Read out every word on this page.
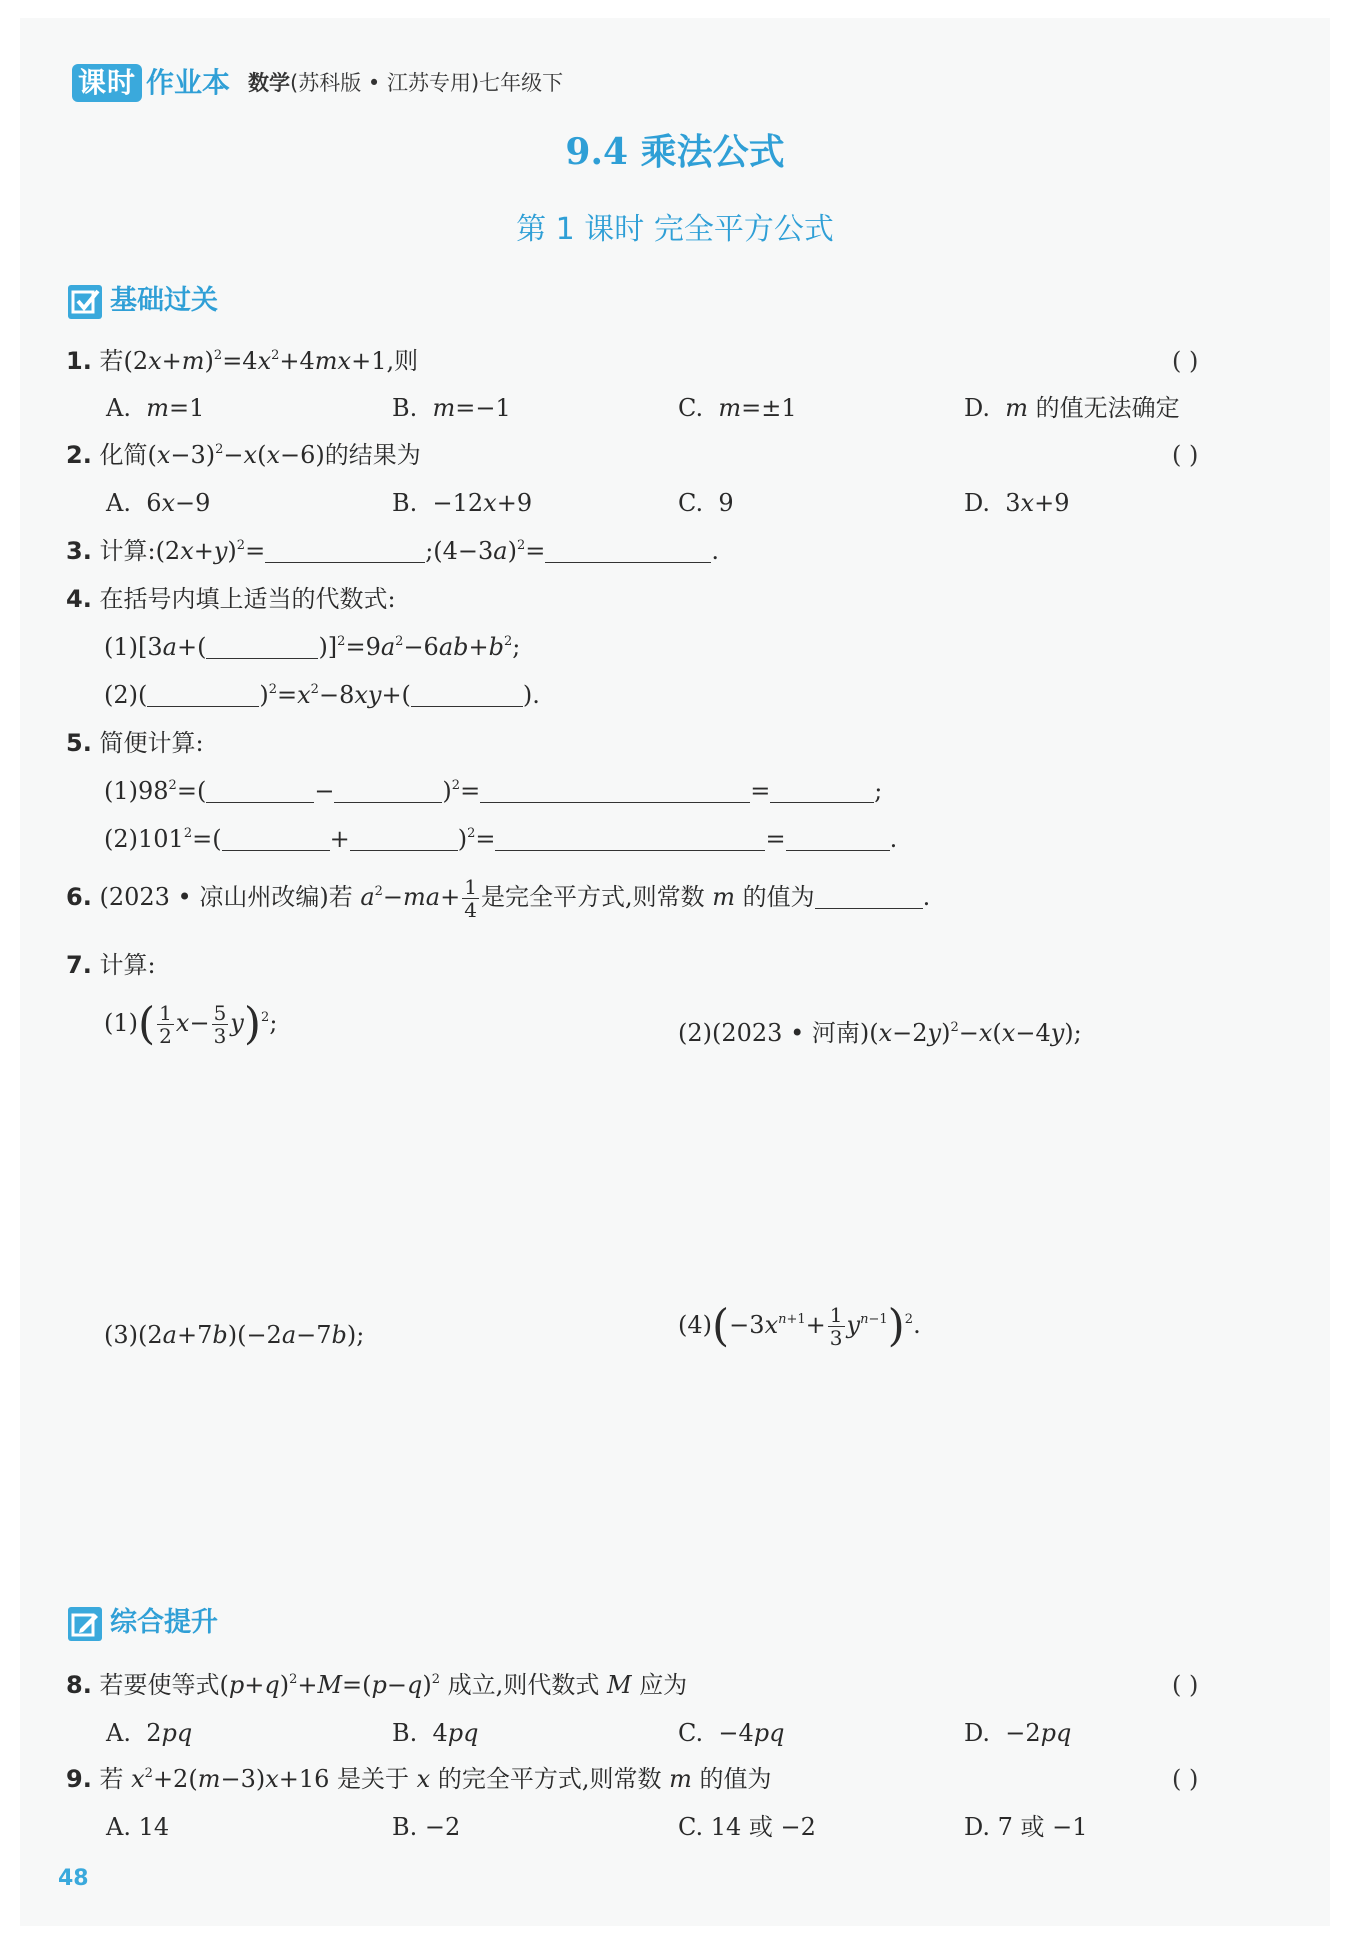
课时 作业本 数学(苏科版 • 江苏专用)七年级下
9.4 乘法公式
第 1 课时 完全平方公式
基础过关
1. 若$(2x+m)^2=4x^2+4mx+1$,则	( )
A.  m=1	B.  m=−1	C.  m=±1	D.  m 的值无法确定
2. 化简$(x-3)^2-x(x-6)$的结果为	( )
A.  6x−9	B.  −12x+9	C.  9	D.  3x+9
3. 计算$:(2x+y)^2=$	$;(4-3a)^2=$	.
4. 在括号内填上适当的代数式:
(1)[3a+(	)]$^2=9a^2-6ab+b^2$;
(2)(	)$^2=x^2-8xy+$(	).
5. 简便计算:
$(1)98^2=$(	−	)$^2$=	=	;
$(2)101^2=$(	+	)$^2$=	=	.
6. (2023 • 凉山州改编)若 $a^2-ma+ \frac{1}{4}$ 是完全平方式,则常数 m 的值为	.
7. 计算:
$(1)( \frac{1}{2} x- \frac{5}{3} y)^2$;	(2)(2023 • 河南)$(x-2y)^2-x(x-4y)$;
(3)(2a+7b)(−2a−7b);	$(4)(-3x^{n+1}+ \frac{1}{3} y^{n-1})^2$.
综合提升
8. 若要使等式$(p+q)^2+M=(p-q)^2$ 成立,则代数式 M 应为	( )
A.  2pq	B.  4pq	C.  −4pq	D.  −2pq
9. 若 $x^2+2(m-3)x+16$ 是关于 x 的完全平方式,则常数 m 的值为	( )
A. 14	B. −2	C. 14 或 −2	D. 7 或 −1
48
